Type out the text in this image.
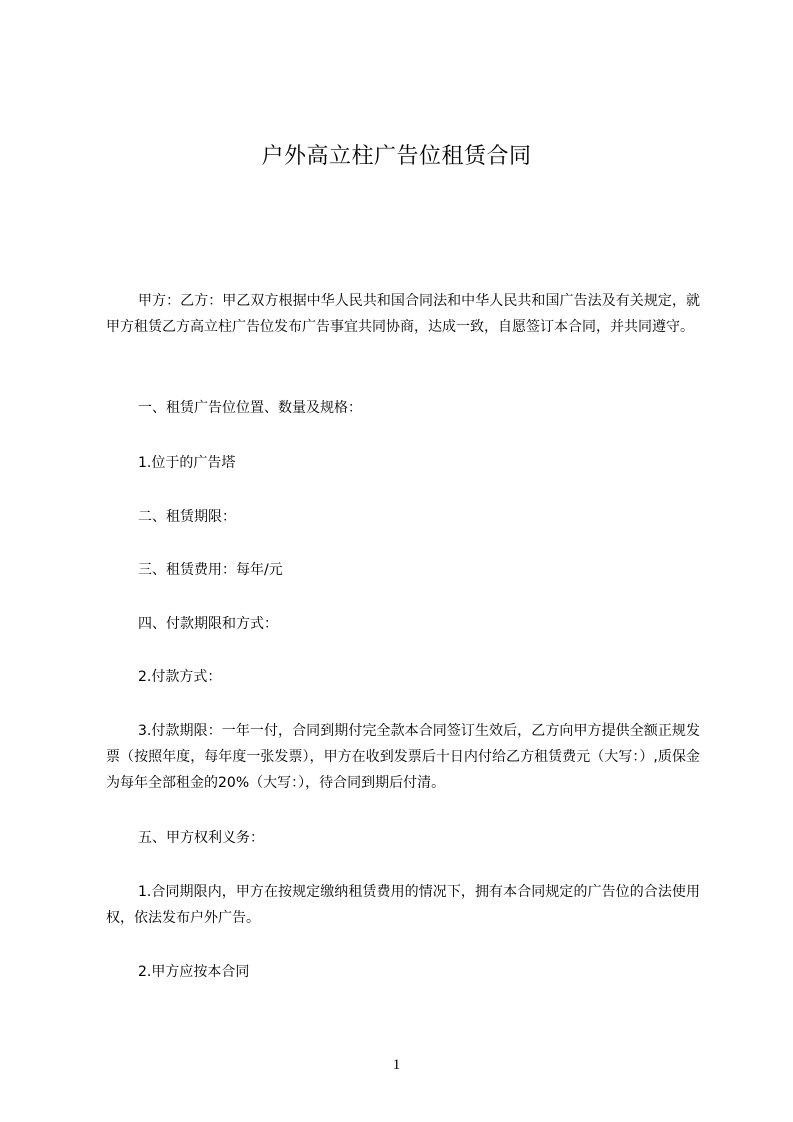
户外高立柱广告位租赁合同

甲方：乙方：甲乙双方根据中华人民共和国合同法和中华人民共和国广告法及有关规定，就甲方租赁乙方高立柱广告位发布广告事宜共同协商，达成一致，自愿签订本合同，并共同遵守。

一、租赁广告位位置、数量及规格：

1.位于的广告塔

二、租赁期限：

三、租赁费用：每年/元

四、付款期限和方式：

2.付款方式：

3.付款期限：一年一付，合同到期付完全款本合同签订生效后，乙方向甲方提供全额正规发票（按照年度，每年度一张发票），甲方在收到发票后十日内付给乙方租赁费元（大写：）,质保金为每年全部租金的20%（大写：），待合同到期后付清。

五、甲方权利义务：

1.合同期限内，甲方在按规定缴纳租赁费用的情况下，拥有本合同规定的广告位的合法使用权，依法发布户外广告。

2.甲方应按本合同

1
